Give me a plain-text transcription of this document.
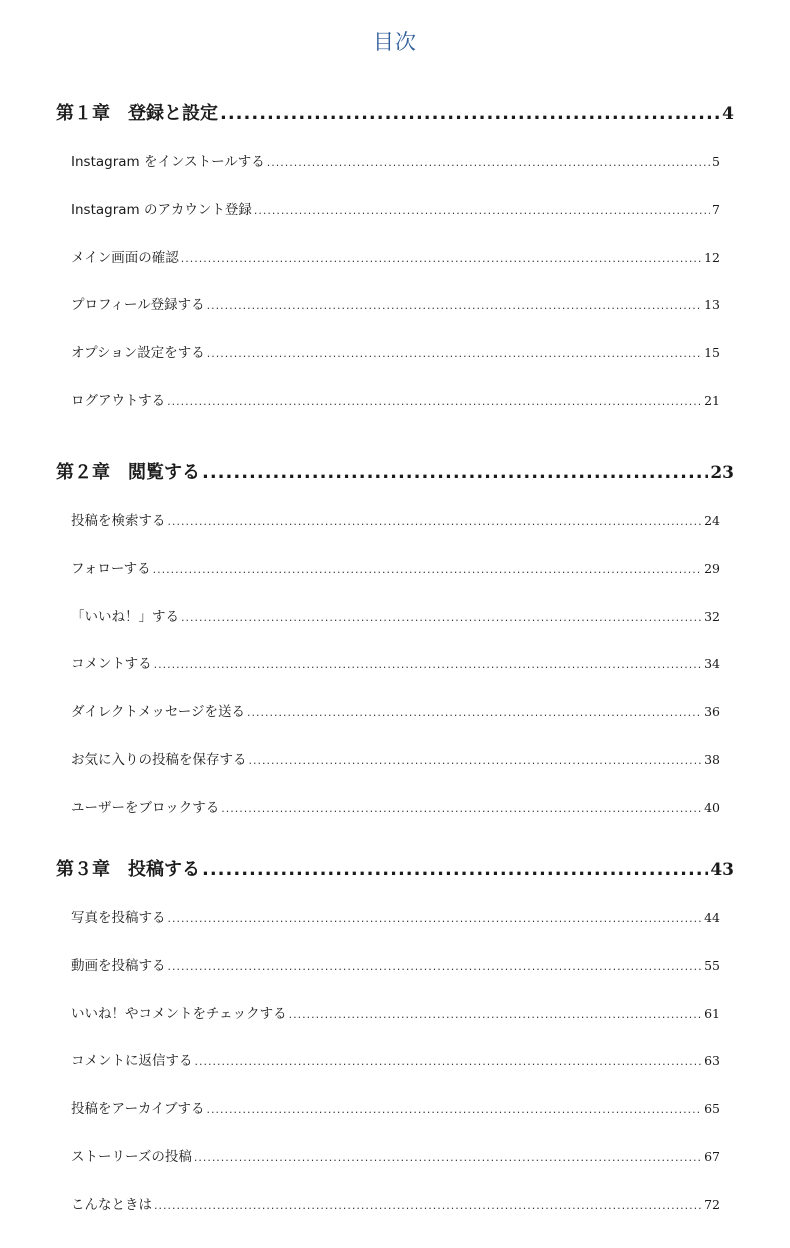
目次
第１章　登録と設定 .....	4
Instagram をインストールする .....	5
Instagram のアカウント登録 .....	7
メイン画面の確認 .....	12
プロフィール登録する .....	13
オプション設定をする .....	15
ログアウトする .....	21
第２章　閲覧する .....	23
投稿を検索する .....	24
フォローする .....	29
「いいね！」する .....	32
コメントする .....	34
ダイレクトメッセージを送る .....	36
お気に入りの投稿を保存する .....	38
ユーザーをブロックする .....	40
第３章　投稿する .....	43
写真を投稿する .....	44
動画を投稿する .....	55
いいね！やコメントをチェックする .....	61
コメントに返信する .....	63
投稿をアーカイブする .....	65
ストーリーズの投稿 .....	67
こんなときは .....	72
